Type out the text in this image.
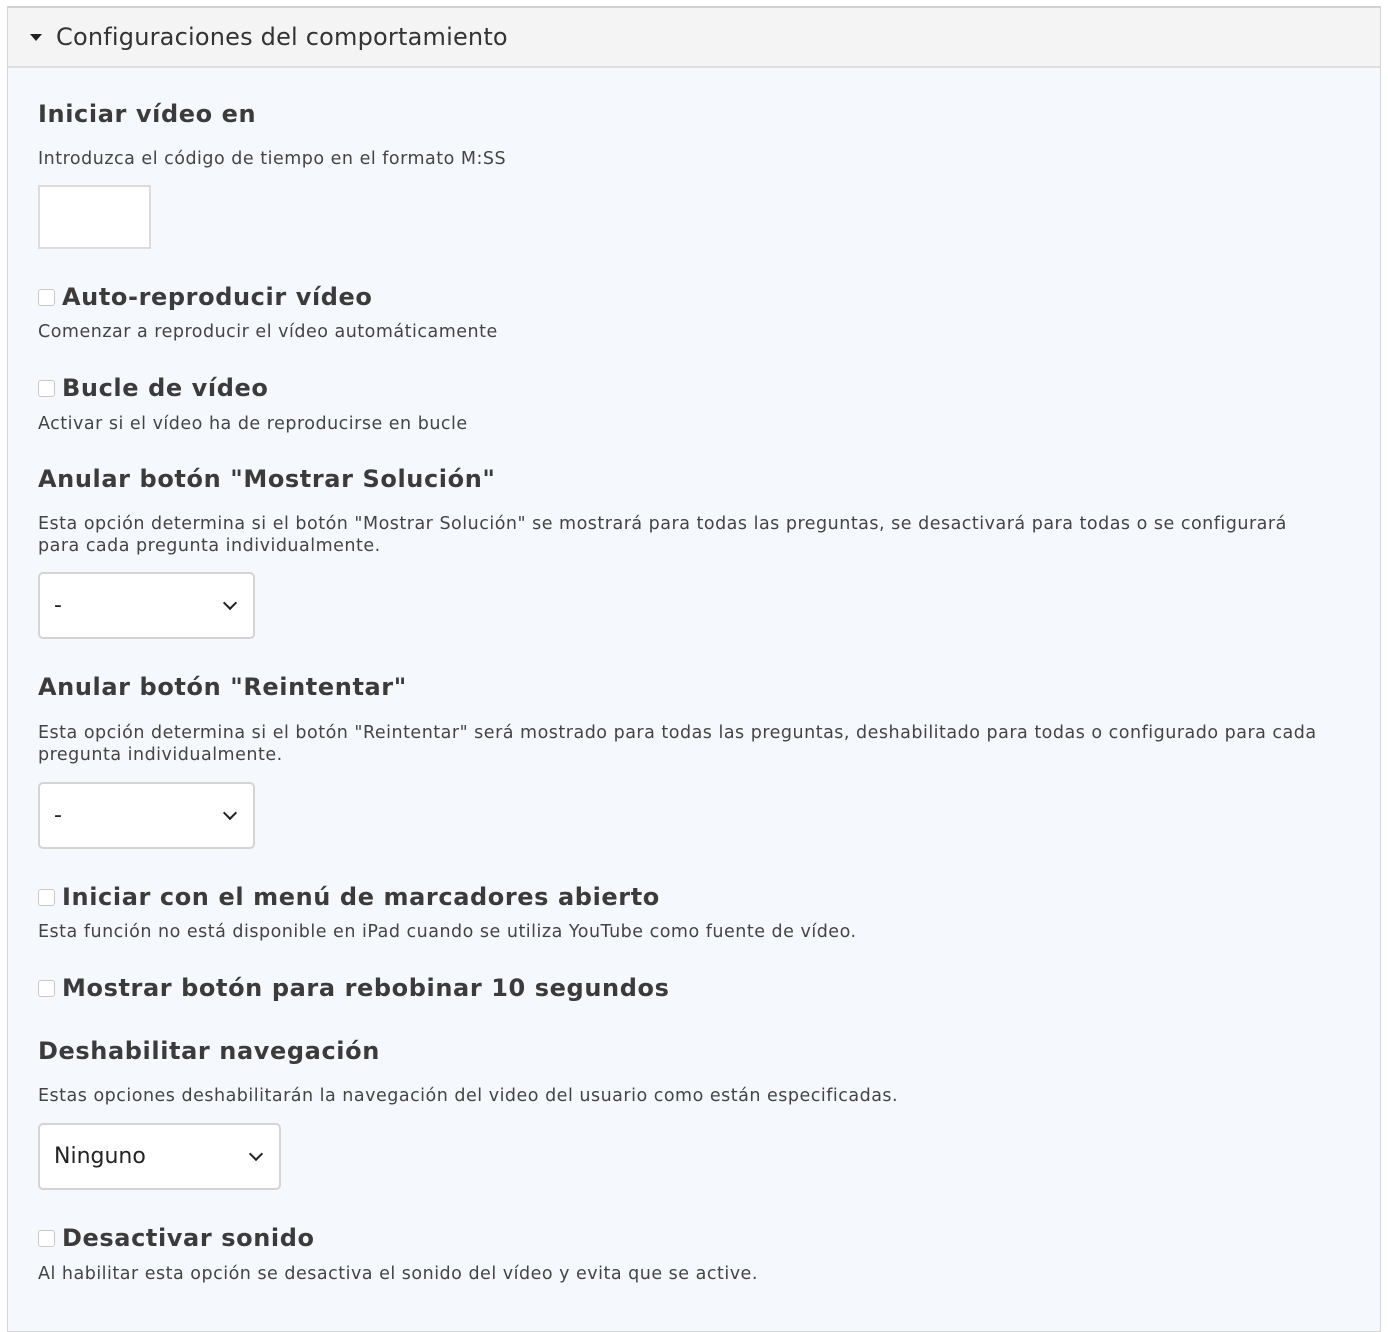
Configuraciones del comportamiento
Iniciar vídeo en
Introduzca el código de tiempo en el formato M:SS
Auto-reproducir vídeo
Comenzar a reproducir el vídeo automáticamente
Bucle de vídeo
Activar si el vídeo ha de reproducirse en bucle
Anular botón "Mostrar Solución"
Esta opción determina si el botón "Mostrar Solución" se mostrará para todas las preguntas, se desactivará para todas o se configurará para cada pregunta individualmente.
-
Anular botón "Reintentar"
Esta opción determina si el botón "Reintentar" será mostrado para todas las preguntas, deshabilitado para todas o configurado para cada pregunta individualmente.
-
Iniciar con el menú de marcadores abierto
Esta función no está disponible en iPad cuando se utiliza YouTube como fuente de vídeo.
Mostrar botón para rebobinar 10 segundos
Deshabilitar navegación
Estas opciones deshabilitarán la navegación del video del usuario como están especificadas.
Ninguno
Desactivar sonido
Al habilitar esta opción se desactiva el sonido del vídeo y evita que se active.
